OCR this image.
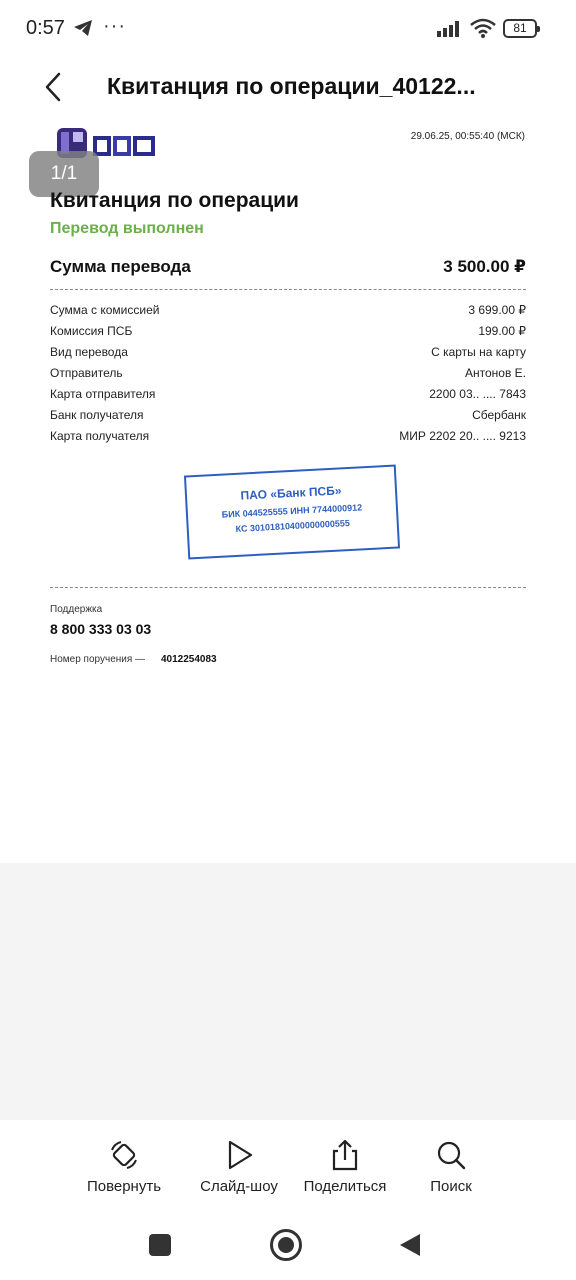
0:57 ···	81
Квитанция по операции_40122...
29.06.25, 00:55:40 (МСК)
1/1
Квитанция по операции
Перевод выполнен
Сумма перевода	3 500.00 ₽
Сумма с комиссией	3 699.00 ₽
Комиссия ПСБ	199.00 ₽
Вид перевода	С карты на карту
Отправитель	Антонов Е.
Карта отправителя	2200 03.. .... 7843
Банк получателя	Сбербанк
Карта получателя	МИР 2202 20.. .... 9213
ПАО «Банк ПСБ»
БИК 044525555 ИНН 7744000912
КС 30101810400000000555
Поддержка
8 800 333 03 03
Номер поручения — 4012254083
Повернуть	Слайд-шоу	Поделиться	Поиск
